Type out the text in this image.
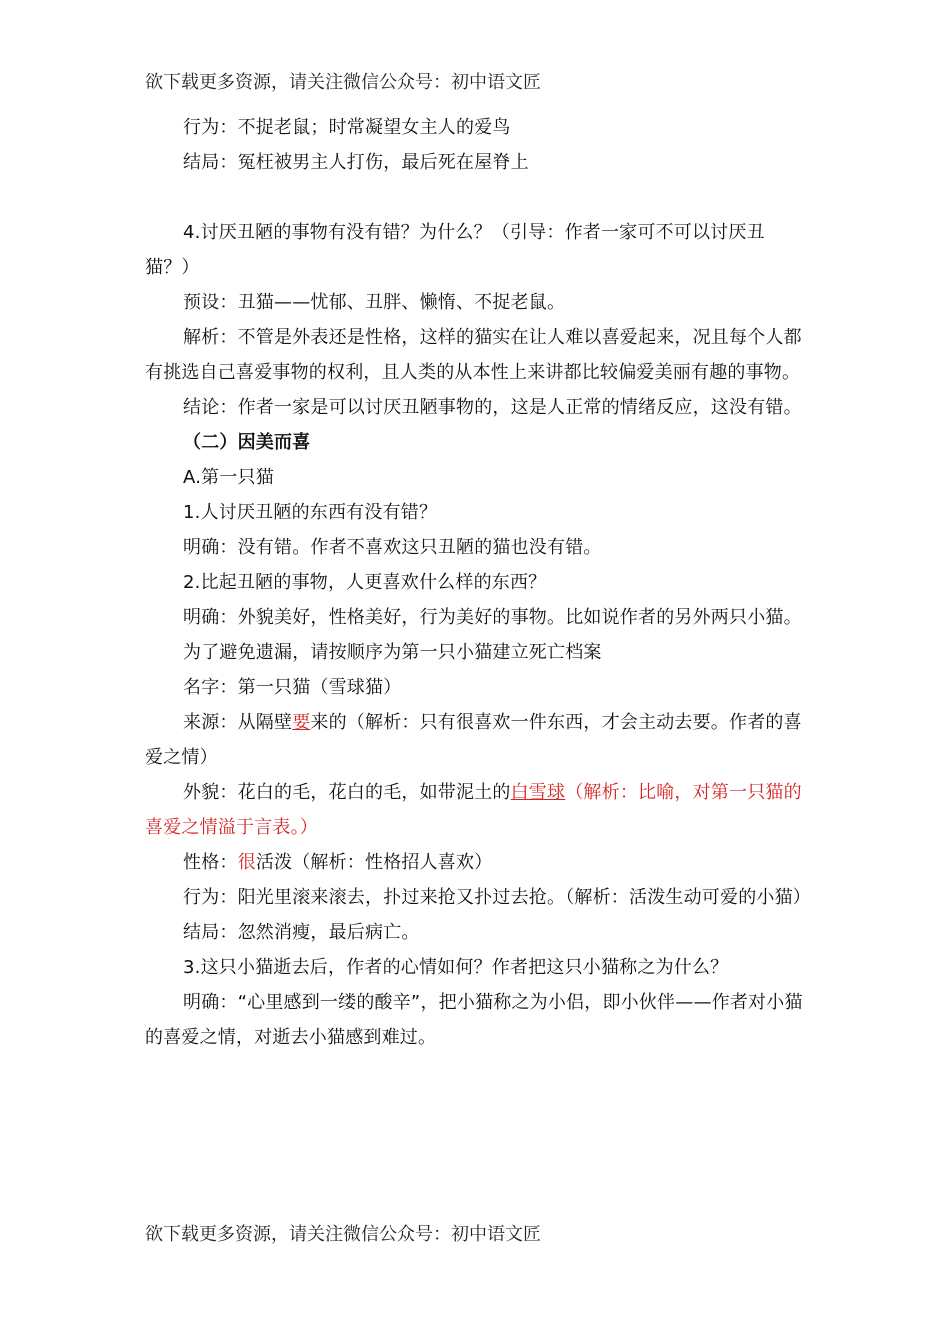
欲下载更多资源，请关注微信公众号：初中语文匠

行为：不捉老鼠；时常凝望女主人的爱鸟

结局：冤枉被男主人打伤，最后死在屋脊上

4.讨厌丑陋的事物有没有错？为什么？（引导：作者一家可不可以讨厌丑猫？）

预设：丑猫——忧郁、丑胖、懒惰、不捉老鼠。

解析：不管是外表还是性格，这样的猫实在让人难以喜爱起来，况且每个人都有挑选自己喜爱事物的权利，且人类的从本性上来讲都比较偏爱美丽有趣的事物。

结论：作者一家是可以讨厌丑陋事物的，这是人正常的情绪反应，这没有错。

（二）因美而喜

A.第一只猫

1.人讨厌丑陋的东西有没有错？

明确：没有错。作者不喜欢这只丑陋的猫也没有错。

2.比起丑陋的事物，人更喜欢什么样的东西？

明确：外貌美好，性格美好，行为美好的事物。比如说作者的另外两只小猫。

为了避免遗漏，请按顺序为第一只小猫建立死亡档案

名字：第一只猫（雪球猫）

来源：从隔壁要来的（解析：只有很喜欢一件东西，才会主动去要。作者的喜爱之情）

外貌：花白的毛，花白的毛，如带泥土的白雪球（解析：比喻，对第一只猫的喜爱之情溢于言表。）

性格：很活泼（解析：性格招人喜欢）

行为：阳光里滚来滚去，扑过来抢又扑过去抢。（解析：活泼生动可爱的小猫）

结局：忽然消瘦，最后病亡。

3.这只小猫逝去后，作者的心情如何？作者把这只小猫称之为什么？

明确：“心里感到一缕的酸辛”，把小猫称之为小侣，即小伙伴——作者对小猫的喜爱之情，对逝去小猫感到难过。

欲下载更多资源，请关注微信公众号：初中语文匠
